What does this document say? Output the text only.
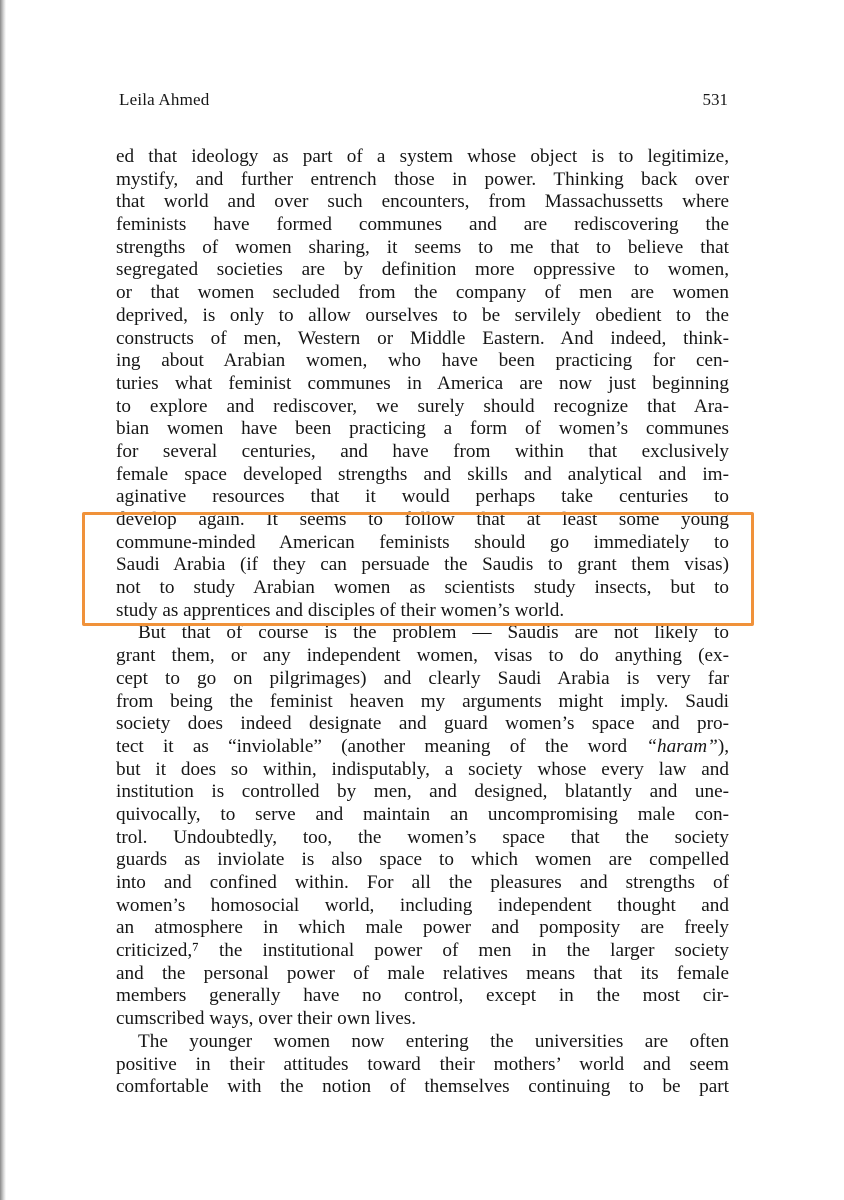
Leila Ahmed	531
ed that ideology as part of a system whose object is to legitimize,
mystify, and further entrench those in power. Thinking back over
that world and over such encounters, from Massachussetts where
feminists have formed communes and are rediscovering the
strengths of women sharing, it seems to me that to believe that
segregated societies are by definition more oppressive to women,
or that women secluded from the company of men are women
deprived, is only to allow ourselves to be servilely obedient to the
constructs of men, Western or Middle Eastern. And indeed, think-
ing about Arabian women, who have been practicing for cen-
turies what feminist communes in America are now just beginning
to explore and rediscover, we surely should recognize that Ara-
bian women have been practicing a form of women’s communes
for several centuries, and have from within that exclusively
female space developed strengths and skills and analytical and im-
aginative resources that it would perhaps take centuries to
develop again. It seems to follow that at least some young
commune-minded American feminists should go immediately to
Saudi Arabia (if they can persuade the Saudis to grant them visas)
not to study Arabian women as scientists study insects, but to
study as apprentices and disciples of their women’s world.
But that of course is the problem — Saudis are not likely to
grant them, or any independent women, visas to do anything (ex-
cept to go on pilgrimages) and clearly Saudi Arabia is very far
from being the feminist heaven my arguments might imply. Saudi
society does indeed designate and guard women’s space and pro-
tect it as “inviolable” (another meaning of the word “haram”),
but it does so within, indisputably, a society whose every law and
institution is controlled by men, and designed, blatantly and une-
quivocally, to serve and maintain an uncompromising male con-
trol. Undoubtedly, too, the women’s space that the society
guards as inviolate is also space to which women are compelled
into and confined within. For all the pleasures and strengths of
women’s homosocial world, including independent thought and
an atmosphere in which male power and pomposity are freely
criticized,⁷ the institutional power of men in the larger society
and the personal power of male relatives means that its female
members generally have no control, except in the most cir-
cumscribed ways, over their own lives.
The younger women now entering the universities are often
positive in their attitudes toward their mothers’ world and seem
comfortable with the notion of themselves continuing to be part
